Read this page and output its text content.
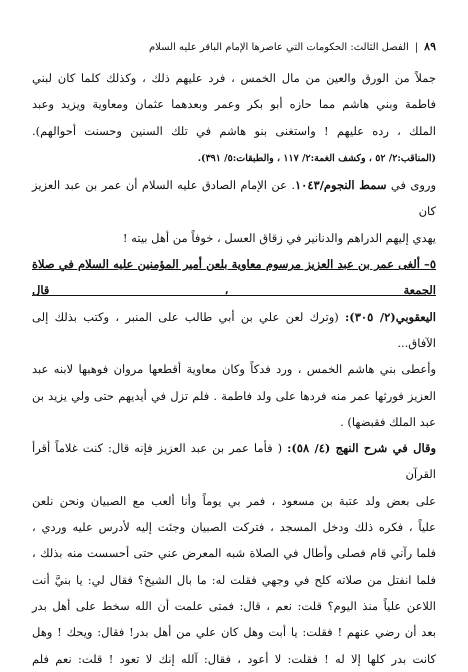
٨٩
|
الفصل الثالث: الحكومات التي عاصرها الإمام الباقر عليه السلام

جملاً من الورق والعين من مال الخمس ، فرد عليهم ذلك ، وكذلك كلما كان لبني

فاطمة وبني هاشم مما حازه أبو بكر وعمر وبعدهما عثمان ومعاوية ويزيد وعبد

الملك ، رده عليهم ! واستغنى بنو هاشم في تلك السنين وحسنت أحوالهم).

(المناقب:٢/ ٥٢ ، وكشف الغمة:٢/ ١١٧ ، والطبقات:٥/ ٣٩١).

وروى في سمط النجوم/١٠٤٣. عن الإمام الصادق عليه السلام أن عمر بن عبد العزيز كان

يهدي إليهم الدراهم والدنانير في زقاق العسل ، خوفاً من أهل بيته !

٥– ألغى عمر بن عبد العزيز مرسوم معاوية بلعن أمير المؤمنين عليه السلام في صلاة الجمعة ، قال

اليعقوبي(٢/ ٣٠٥): (وترك لعن علي بن أبي طالب على المنبر ، وكتب بذلك إلى الآفاق...

وأعطى بني هاشم الخمس ، ورد فدكاً وكان معاوية أقطعها مروان فوهبها لابنه عبد

العزيز فورثها عمر منه فردها على ولد فاطمة . فلم تزل في أيديهم حتى ولي يزيد بن

عبد الملك فقبضها) .

وقال في شرح النهج (٤/ ٥٨): ( فأما عمر بن عبد العزيز فإنه قال: كنت غلاماً أقرأ القرآن

على بعض ولد عتبة بن مسعود ، فمر بي يوماً وأنا ألعب مع الصبيان ونحن نلعن

علياً ، فكره ذلك ودخل المسجد ، فتركت الصبيان وجئت إليه لأدرس عليه وردي ،

فلما رآني قام فصلى وأطال في الصلاة شبه المعرض عني حتى أحسست منه بذلك ،

فلما انفتل من صلاته كلح في وجهي فقلت له: ما بال الشيخ؟ فقال لي: يا بنيَّ أنت

اللاعن علياً منذ اليوم؟ قلت: نعم ، قال: فمتى علمت أن الله سخط على أهل بدر

بعد أن رضي عنهم ! فقلت: يا أبت وهل كان علي من أهل بدر! فقال: ويحك ! وهل

كانت بدر كلها إلا له ! فقلت: لا أعود ، فقال: آلله إنك لا تعود ! قلت: نعم فلم
